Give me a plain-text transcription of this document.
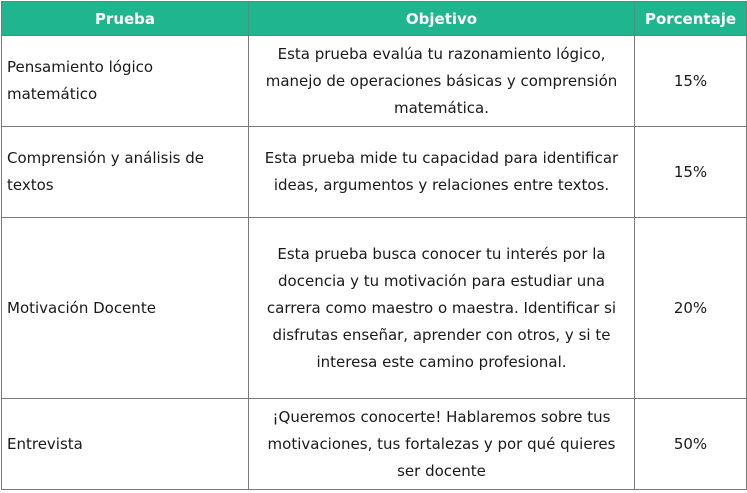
Prueba	Objetivo	Porcentaje
Pensamiento lógico matemático	Esta prueba evalúa tu razonamiento lógico, manejo de operaciones básicas y comprensión matemática.	15%
Comprensión y análisis de textos	Esta prueba mide tu capacidad para identificar ideas, argumentos y relaciones entre textos.	15%
Motivación Docente	Esta prueba busca conocer tu interés por la docencia y tu motivación para estudiar una carrera como maestro o maestra. Identificar si disfrutas enseñar, aprender con otros, y si te interesa este camino profesional.	20%
Entrevista	¡Queremos conocerte! Hablaremos sobre tus motivaciones, tus fortalezas y por qué quieres ser docente	50%
